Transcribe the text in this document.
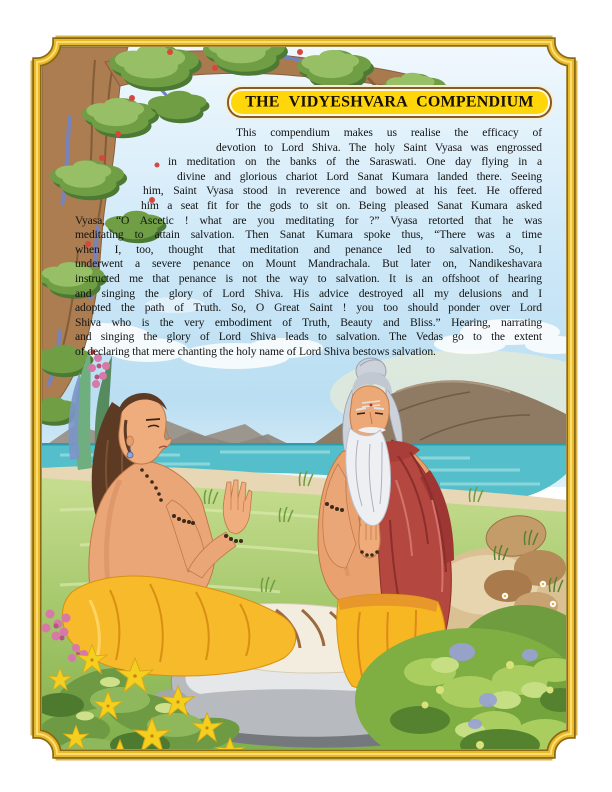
THE VIDYESHVARA COMPENDIUM
This compendium makes us realise the efficacy of
devotion to Lord Shiva. The holy Saint Vyasa was engrossed
in meditation on the banks of the Saraswati. One day flying in a
divine and glorious chariot Lord Sanat Kumara landed there. Seeing
him, Saint Vyasa stood in reverence and bowed at his feet. He offered
him a seat fit for the gods to sit on. Being pleased Sanat Kumara asked
Vyasa, “O Ascetic ! what are you meditating for ?” Vyasa retorted that he was
meditating to attain salvation. Then Sanat Kumara spoke thus, “There was a time
when I, too, thought that meditation and penance led to salvation. So, I
underwent a severe penance on Mount Mandrachala. But later on, Nandikeshavara
instructed me that penance is not the way to salvation. It is an offshoot of hearing
and singing the glory of Lord Shiva. His advice destroyed all my delusions and I
adopted the path of Truth. So, O Great Saint ! you too should ponder over Lord
Shiva who is the very embodiment of Truth, Beauty and Bliss.” Hearing, narrating
and singing the glory of Lord Shiva leads to salvation. The Vedas go to the extent
of declaring that mere chanting the holy name of Lord Shiva bestows salvation.
